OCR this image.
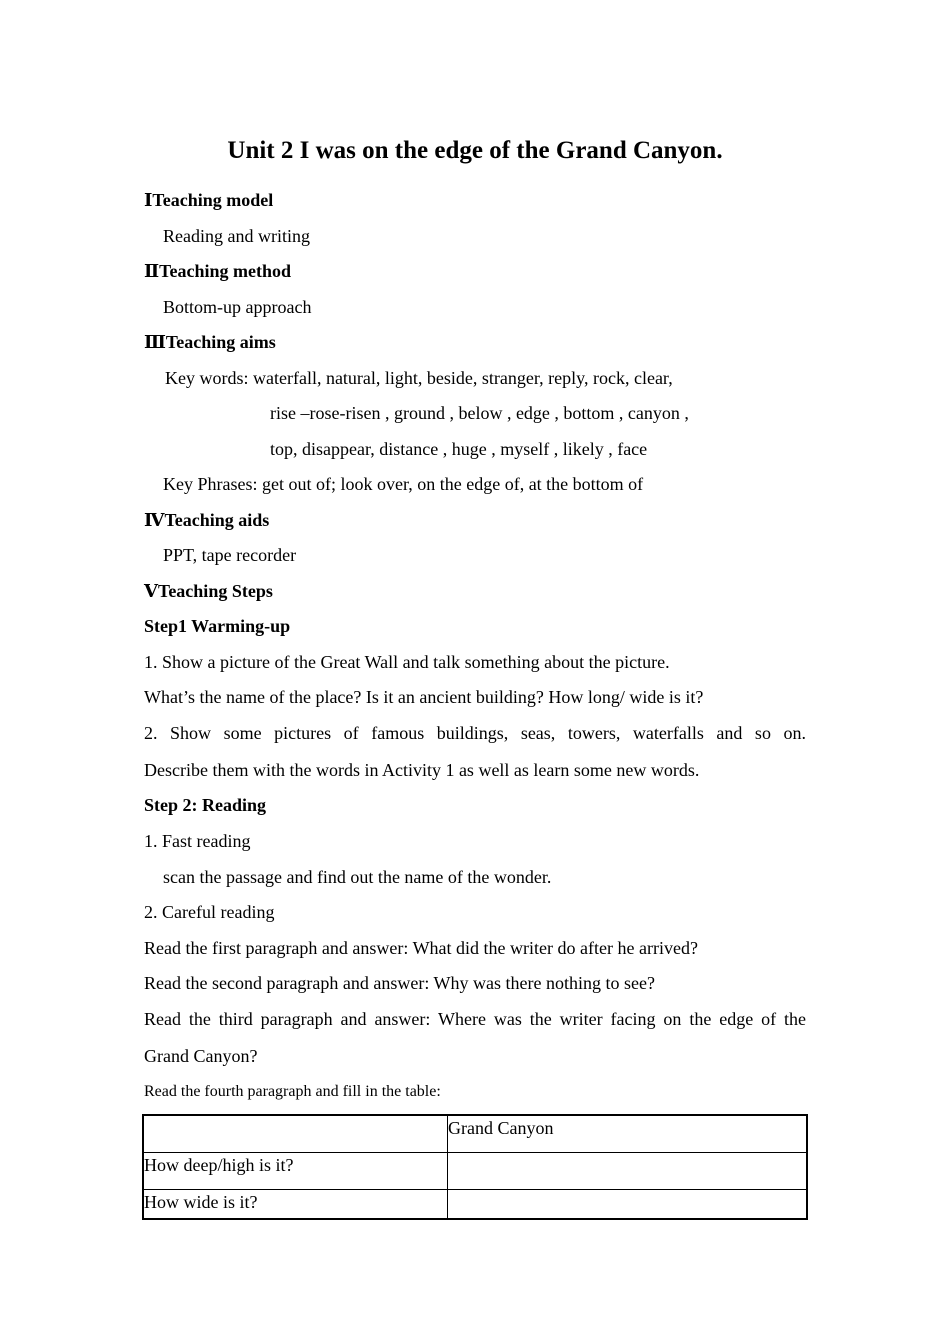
Unit 2 I was on the edge of the Grand Canyon.
ⅠTeaching model
Reading and writing
ⅡTeaching method
Bottom-up approach
ⅢTeaching aims
Key words: waterfall, natural, light, beside, stranger, reply, rock, clear,
rise –rose-risen , ground , below , edge , bottom , canyon ,
top, disappear, distance , huge , myself , likely , face
Key Phrases: get out of; look over, on the edge of, at the bottom of
ⅣTeaching aids
PPT, tape recorder
ⅤTeaching Steps
Step1 Warming-up
1. Show a picture of the Great Wall and talk something about the picture.
What’s the name of the place? Is it an ancient building? How long/ wide is it?
2. Show some pictures of famous buildings, seas, towers, waterfalls and so on.
Describe them with the words in Activity 1 as well as learn some new words.
Step 2: Reading
1. Fast reading
scan the passage and find out the name of the wonder.
2. Careful reading
Read the first paragraph and answer: What did the writer do after he arrived?
Read the second paragraph and answer: Why was there nothing to see?
Read the third paragraph and answer: Where was the writer facing on the edge of the
Grand Canyon?
Read the fourth paragraph and fill in the table:
	Grand Canyon
How deep/high is it?	
How wide is it?	
